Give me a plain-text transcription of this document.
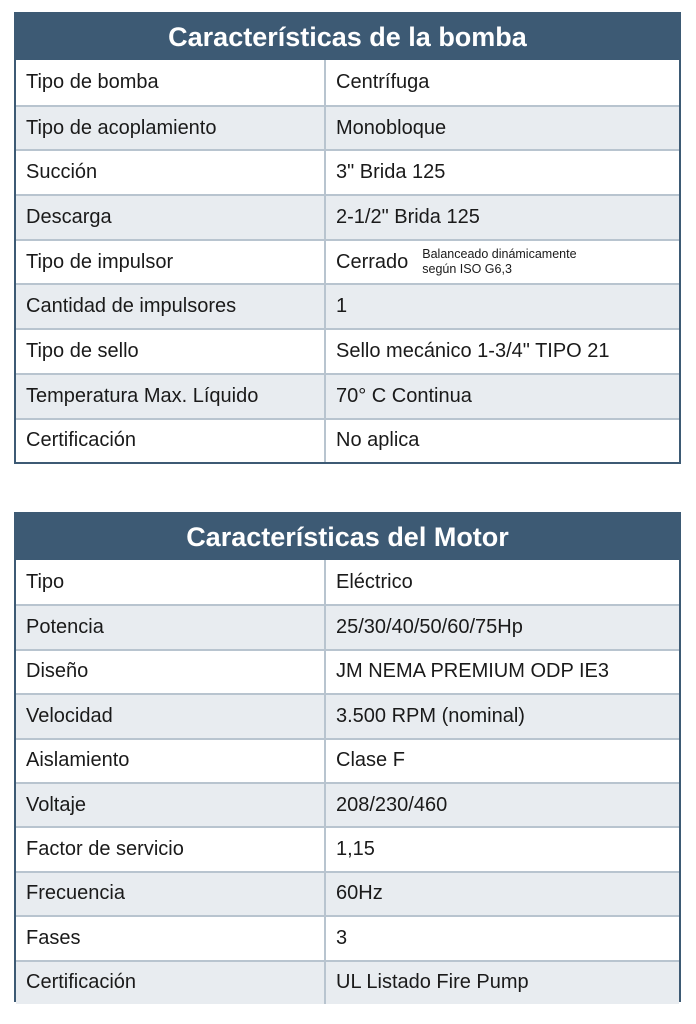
Características de la bomba
Tipo de bomba	Centrífuga
Tipo de acoplamiento	Monobloque
Succión	3" Brida 125
Descarga	2-1/2" Brida 125
Tipo de impulsor	Cerrado Balanceado dinámicamente
según ISO G6,3
Cantidad de impulsores	1
Tipo de sello	Sello mecánico 1-3/4" TIPO 21
Temperatura Max. Líquido	70° C Continua
Certificación	No aplica
Características del Motor
Tipo	Eléctrico
Potencia	25/30/40/50/60/75Hp
Diseño	JM NEMA PREMIUM ODP IE3
Velocidad	3.500 RPM (nominal)
Aislamiento	Clase F
Voltaje	208/230/460
Factor de servicio	1,15
Frecuencia	60Hz
Fases	3
Certificación	UL Listado Fire Pump
